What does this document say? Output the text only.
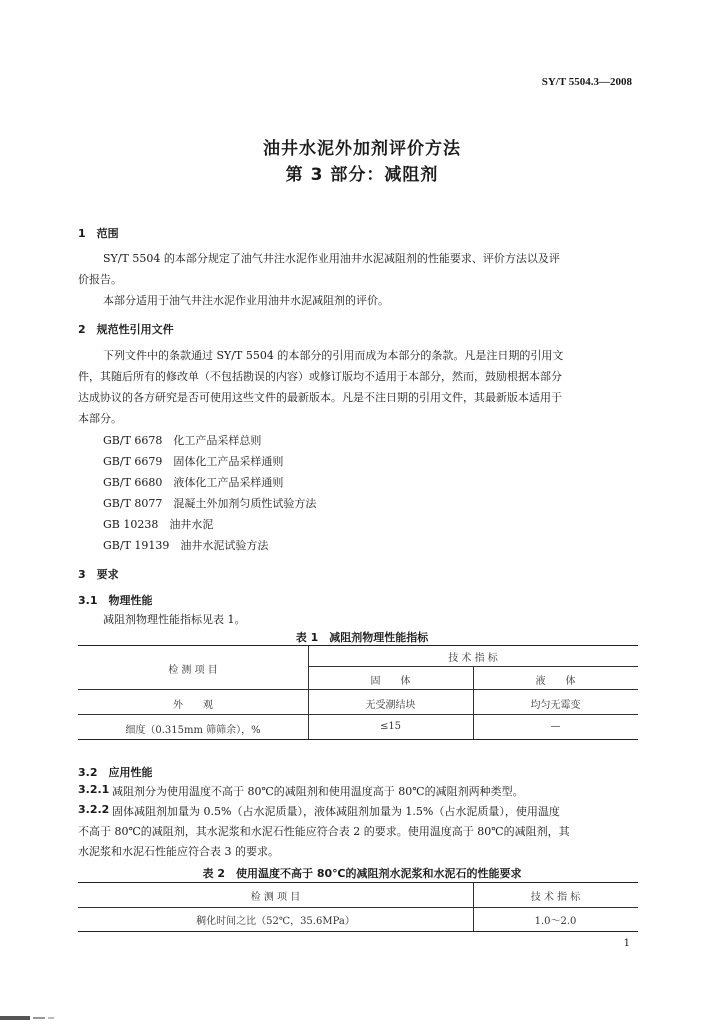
SY/T 5504.3—2008
油井水泥外加剂评价方法
第 3 部分：减阻剂
1　范围
SY/T 5504 的本部分规定了油气井注水泥作业用油井水泥减阻剂的性能要求、评价方法以及评
价报告。
本部分适用于油气井注水泥作业用油井水泥减阻剂的评价。
2　规范性引用文件
下列文件中的条款通过 SY/T 5504 的本部分的引用而成为本部分的条款。凡是注日期的引用文
件，其随后所有的修改单（不包括勘误的内容）或修订版均不适用于本部分，然而，鼓励根据本部分
达成协议的各方研究是否可使用这些文件的最新版本。凡是不注日期的引用文件，其最新版本适用于
本部分。
GB/T 6678　化工产品采样总则
GB/T 6679　固体化工产品采样通则
GB/T 6680　液体化工产品采样通则
GB/T 8077　混凝土外加剂匀质性试验方法
GB 10238　油井水泥
GB/T 19139　油井水泥试验方法
3　要求
3.1　物理性能
减阻剂物理性能指标见表 1。
表 1　减阻剂物理性能指标
检 测 项 目
技 术 指 标
固　　体	液　　体
外　　观	无受潮结块	均匀无霉变
细度（0.315mm 筛筛余），%	≤15	—
3.2　应用性能
3.2.1 减阻剂分为使用温度不高于 80℃的减阻剂和使用温度高于 80℃的减阻剂两种类型。
3.2.2 固体减阻剂加量为 0.5%（占水泥质量），液体减阻剂加量为 1.5%（占水泥质量），使用温度
不高于 80℃的减阻剂，其水泥浆和水泥石性能应符合表 2 的要求。使用温度高于 80℃的减阻剂，其
水泥浆和水泥石性能应符合表 3 的要求。
表 2　使用温度不高于 80℃的减阻剂水泥浆和水泥石的性能要求
检 测 项 目	技 术 指 标
稠化时间之比（52℃，35.6MPa）	1.0～2.0
1
